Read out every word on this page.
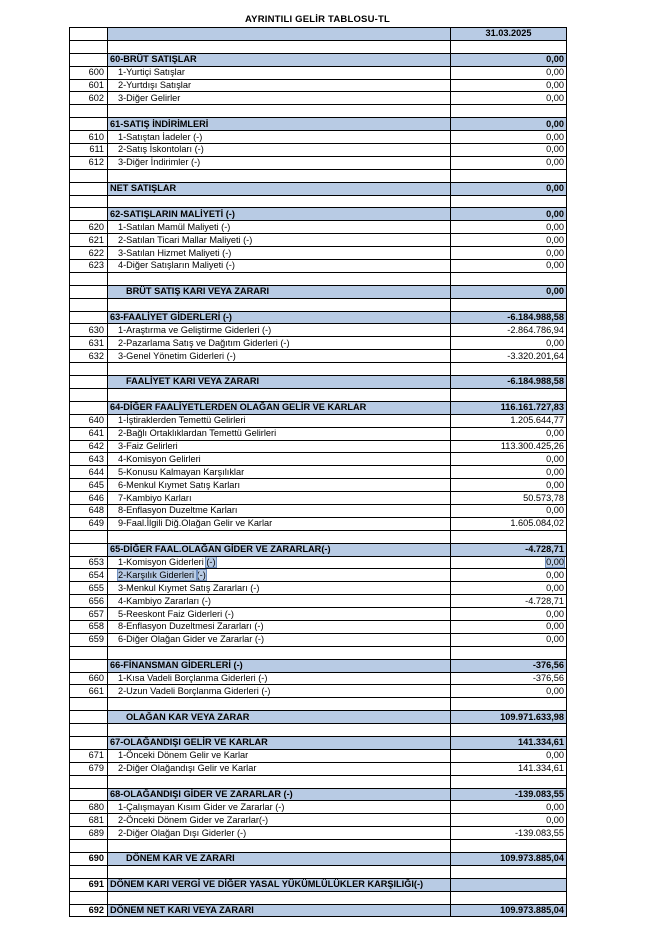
AYRINTILI GELİR TABLOSU-TL
		31.03.2025

	60-BRÜT SATIŞLAR	0,00
600	1-Yurtiçi Satışlar	0,00
601	2-Yurtdışı Satışlar	0,00
602	3-Diğer Gelirler	0,00

	61-SATIŞ İNDİRİMLERİ	0,00
610	1-Satıştan İadeler (-)	0,00
611	2-Satış İskontoları (-)	0,00
612	3-Diğer İndirimler (-)	0,00

	NET SATIŞLAR	0,00

	62-SATIŞLARIN MALİYETİ (-)	0,00
620	1-Satılan Mamül Maliyeti (-)	0,00
621	2-Satılan Ticari Mallar Maliyeti (-)	0,00
622	3-Satılan Hizmet Maliyeti (-)	0,00
623	4-Diğer Satışların Maliyeti (-)	0,00

	BRÜT SATIŞ KARI VEYA ZARARI	0,00

	63-FAALİYET GİDERLERİ (-)	-6.184.988,58
630	1-Araştırma ve Geliştirme Giderleri (-)	-2.864.786,94
631	2-Pazarlama Satış ve Dağıtım Giderleri (-)	0,00
632	3-Genel Yönetim Giderleri (-)	-3.320.201,64

	FAALİYET KARI VEYA ZARARI	-6.184.988,58

	64-DİĞER FAALİYETLERDEN OLAĞAN GELİR VE KARLAR	116.161.727,83
640	1-İştiraklerden Temettü Gelirleri	1.205.644,77
641	2-Bağlı Ortaklıklardan Temettü Gelirleri	0,00
642	3-Faiz Gelirleri	113.300.425,26
643	4-Komisyon Gelirleri	0,00
644	5-Konusu Kalmayan Karşılıklar	0,00
645	6-Menkul Kıymet Satış Karları	0,00
646	7-Kambiyo Karları	50.573,78
648	8-Enflasyon Duzeltme Karları	0,00
649	9-Faal.İlgili Diğ.Olağan Gelir ve Karlar	1.605.084,02

	65-DİĞER FAAL.OLAĞAN GİDER VE ZARARLAR(-)	-4.728,71
653	1-Komisyon Giderleri (-)	0,00
654	2-Karşılık Giderleri (-)	0,00
655	3-Menkul Kıymet Satış Zararları (-)	0,00
656	4-Kambiyo Zararları (-)	-4.728,71
657	5-Reeskont Faiz Giderleri (-)	0,00
658	8-Enflasyon Duzeltmesi Zararları (-)	0,00
659	6-Diğer Olağan Gider ve Zararlar (-)	0,00

	66-FİNANSMAN GİDERLERİ (-)	-376,56
660	1-Kısa Vadeli Borçlanma Giderleri (-)	-376,56
661	2-Uzun Vadeli Borçlanma Giderleri (-)	0,00

	OLAĞAN KAR VEYA ZARAR	109.971.633,98

	67-OLAĞANDIŞI GELİR VE KARLAR	141.334,61
671	1-Önceki Dönem Gelir ve Karlar	0,00
679	2-Diğer Olağandışı Gelir ve Karlar	141.334,61

	68-OLAĞANDIŞI GİDER VE ZARARLAR (-)	-139.083,55
680	1-Çalışmayan Kısım Gider ve Zararlar (-)	0,00
681	2-Önceki Dönem Gider ve Zararlar(-)	0,00
689	2-Diğer Olağan Dışı Giderler (-)	-139.083,55

690	DÖNEM KAR VE ZARARI	109.973.885,04

691	DÖNEM KARI VERGİ VE DİĞER YASAL YÜKÜMLÜLÜKLER KARŞILIĞI(-)	

692	DÖNEM NET KARI VEYA ZARARI	109.973.885,04
